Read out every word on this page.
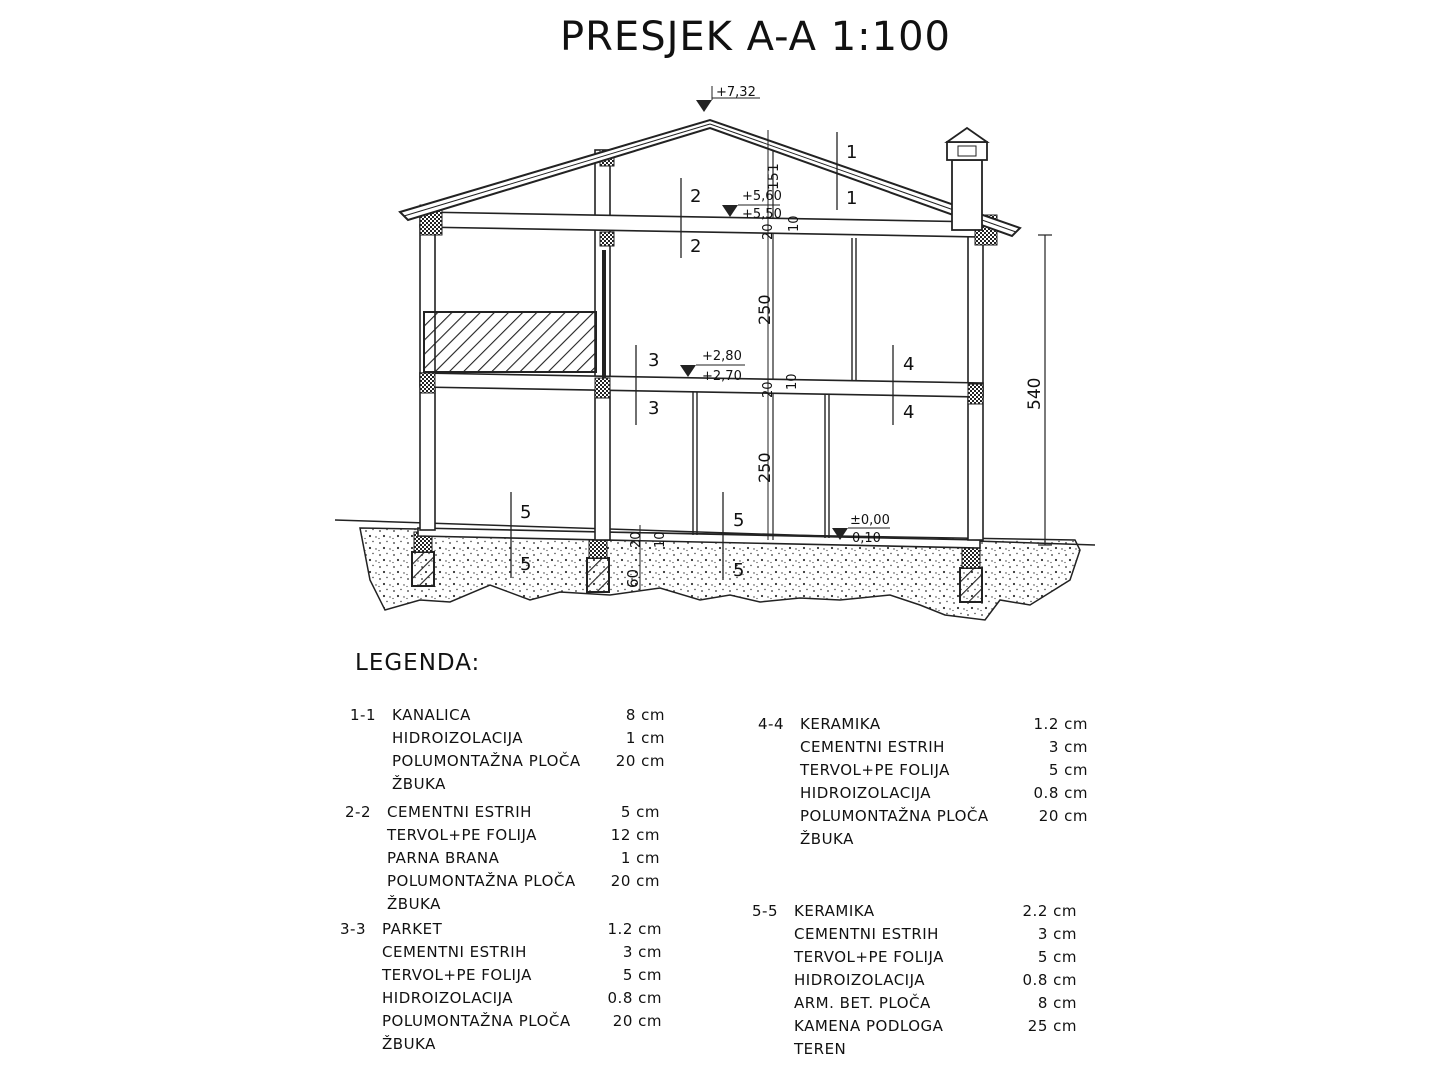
PRESJEK A-A 1:100
+7,32
+5,60
+5,50
+2,80
+2,70
±0,00
0,10
151
250
250
540
60
20 10
20 10
20 10
1
1
2
2
3
3
4
4
5
5
5
5
LEGENDA:
1-1 KANALICA	8 cm
HIDROIZOLACIJA	1 cm
POLUMONTAŽNA PLOČA	20 cm
ŽBUKA
2-2 CEMENTNI ESTRIH	5 cm
TERVOL+PE FOLIJA	12 cm
PARNA BRANA	1 cm
POLUMONTAŽNA PLOČA	20 cm
ŽBUKA
3-3 PARKET	1.2 cm
CEMENTNI ESTRIH	3 cm
TERVOL+PE FOLIJA	5 cm
HIDROIZOLACIJA	0.8 cm
POLUMONTAŽNA PLOČA	20 cm
ŽBUKA
4-4 KERAMIKA	1.2 cm
CEMENTNI ESTRIH	3 cm
TERVOL+PE FOLIJA	5 cm
HIDROIZOLACIJA	0.8 cm
POLUMONTAŽNA PLOČA	20 cm
ŽBUKA
5-5 KERAMIKA	2.2 cm
CEMENTNI ESTRIH	3 cm
TERVOL+PE FOLIJA	5 cm
HIDROIZOLACIJA	0.8 cm
ARM. BET. PLOČA	8 cm
KAMENA PODLOGA	25 cm
TEREN
